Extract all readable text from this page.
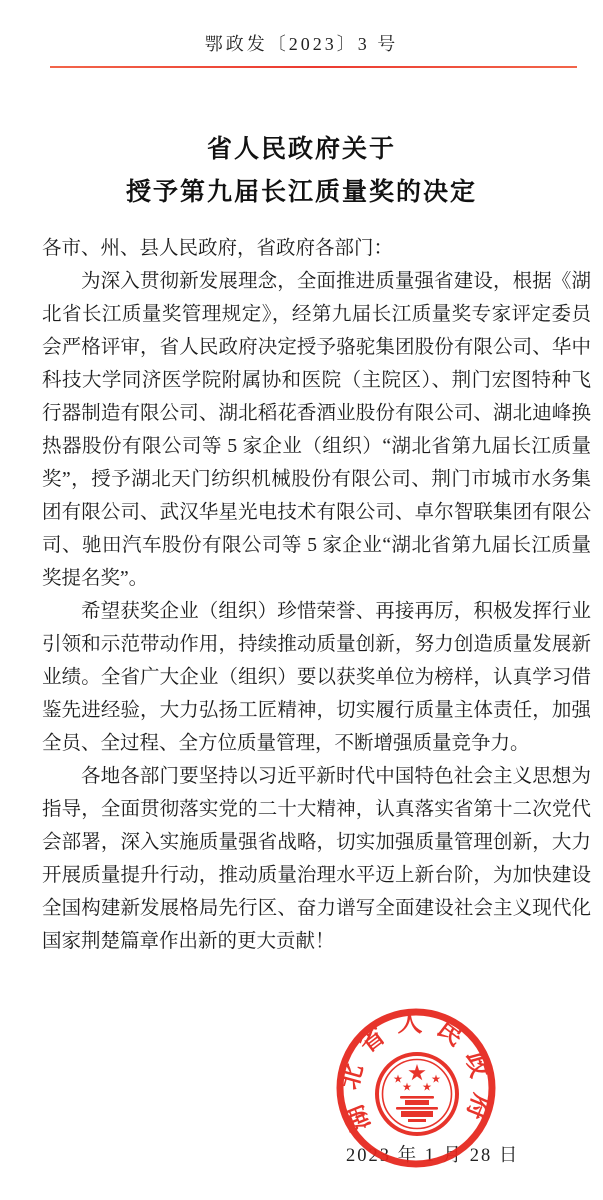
鄂政发〔2023〕3 号
省人民政府关于
授予第九届长江质量奖的决定
各市、州、县人民政府，省政府各部门：

为深入贯彻新发展理念，全面推进质量强省建设，根据《湖北省长江质量奖管理规定》，经第九届长江质量奖专家评定委员会严格评审，省人民政府决定授予骆驼集团股份有限公司、华中科技大学同济医学院附属协和医院（主院区）、荆门宏图特种飞行器制造有限公司、湖北稻花香酒业股份有限公司、湖北迪峰换热器股份有限公司等 5 家企业（组织）“湖北省第九届长江质量奖”，授予湖北天门纺织机械股份有限公司、荆门市城市水务集团有限公司、武汉华星光电技术有限公司、卓尔智联集团有限公司、驰田汽车股份有限公司等 5 家企业“湖北省第九届长江质量奖提名奖”。

希望获奖企业（组织）珍惜荣誉、再接再厉，积极发挥行业引领和示范带动作用，持续推动质量创新，努力创造质量发展新业绩。全省广大企业（组织）要以获奖单位为榜样，认真学习借鉴先进经验，大力弘扬工匠精神，切实履行质量主体责任，加强全员、全过程、全方位质量管理，不断增强质量竞争力。

各地各部门要坚持以习近平新时代中国特色社会主义思想为指导，全面贯彻落实党的二十大精神，认真落实省第十二次党代会部署，深入实施质量强省战略，切实加强质量管理创新，大力开展质量提升行动，推动质量治理水平迈上新台阶，为加快建设全国构建新发展格局先行区、奋力谱写全面建设社会主义现代化国家荆楚篇章作出新的更大贡献！

2023 年 1 月 28 日
湖北省人民政府
